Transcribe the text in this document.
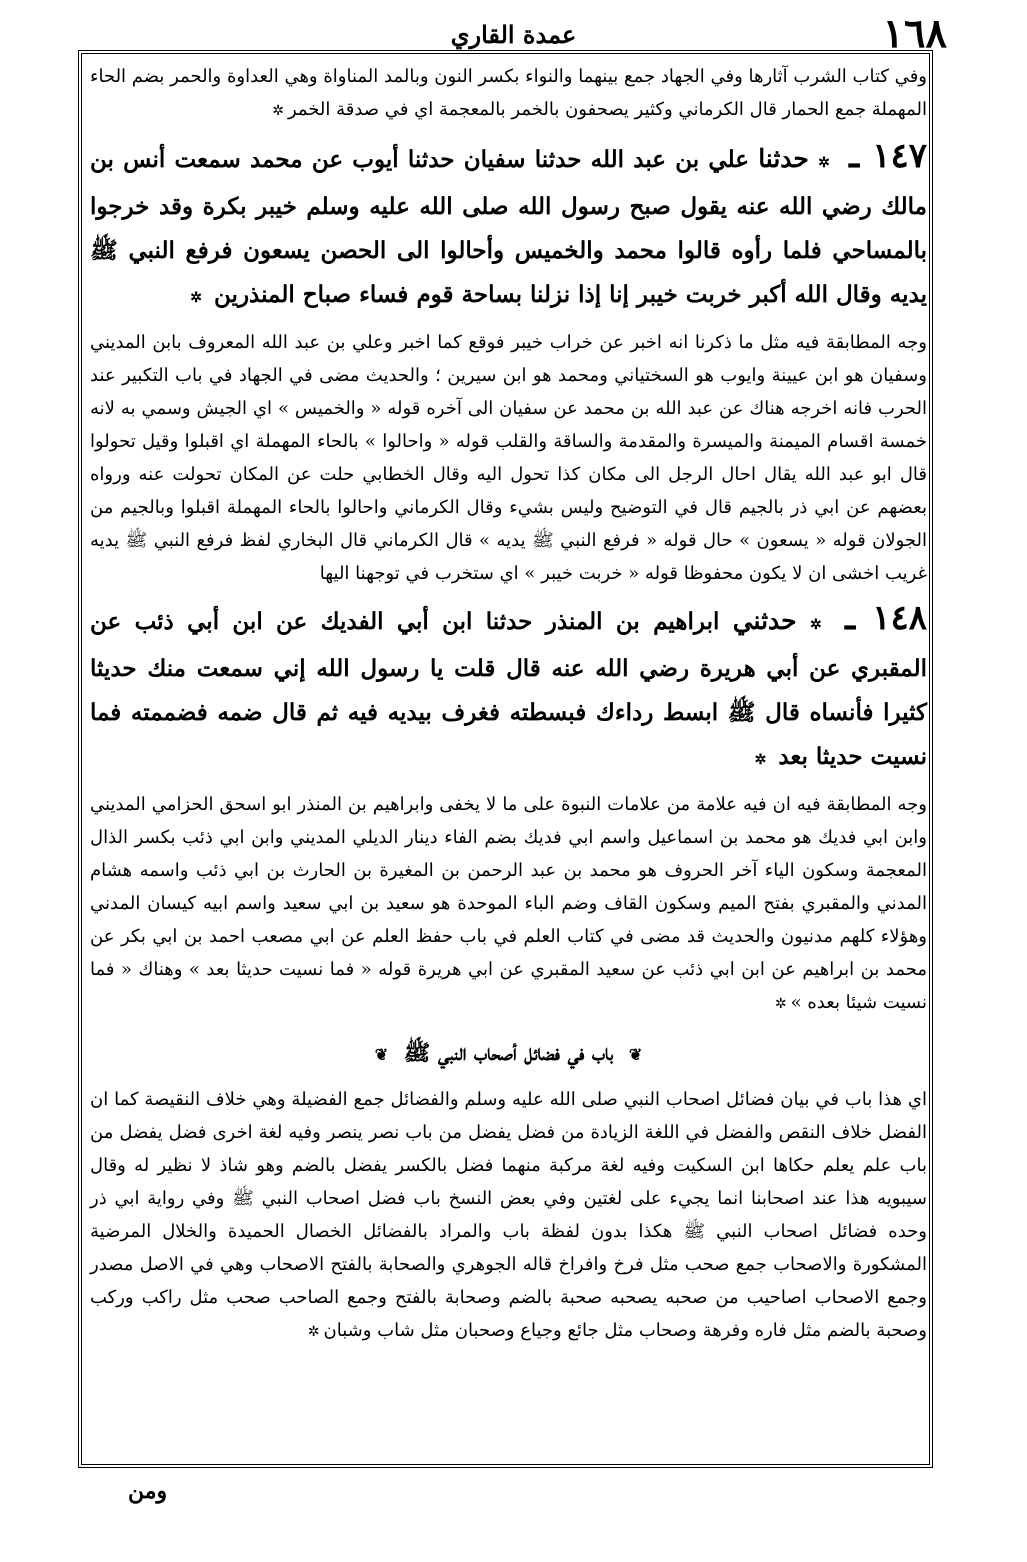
١٦٨
عمدة القاري

وفي كتاب الشرب آثارها وفي الجهاد جمع بينهما والنواء بكسر النون وبالمد المناواة وهي العداوة والحمر بضم الحاء المهملة جمع الحمار قال الكرماني وكثير يصحفون بالخمر بالمعجمة اي في صدقة الخمر✲

١٤٧ ـ ✲ حدثنا علي بن عبد الله حدثنا سفيان حدثنا أيوب عن محمد سمعت أنس بن مالك رضي الله عنه يقول صبح رسول الله صلى الله عليه وسلم خيبر بكرة وقد خرجوا بالمساحي فلما رأوه قالوا محمد والخميس وأحالوا الى الحصن يسعون فرفع النبي ﷺ يديه وقال الله أكبر خربت خيبر إنا إذا نزلنا بساحة قوم فساء صباح المنذرين ✲

وجه المطابقة فيه مثل ما ذكرنا انه اخبر عن خراب خيبر فوقع كما اخبر وعلي بن عبد الله المعروف بابن المديني وسفيان هو ابن عيينة وايوب هو السختياني ومحمد هو ابن سيرين ؛ والحديث مضى في الجهاد في باب التكبير عند الحرب فانه اخرجه هناك عن عبد الله بن محمد عن سفيان الى آخره قوله « والخميس » اي الجيش وسمي به لانه خمسة اقسام الميمنة والميسرة والمقدمة والساقة والقلب قوله « واحالوا » بالحاء المهملة اي اقبلوا وقيل تحولوا قال ابو عبد الله يقال احال الرجل الى مكان كذا تحول اليه وقال الخطابي حلت عن المكان تحولت عنه ورواه بعضهم عن ابي ذر بالجيم قال في التوضيح وليس بشيء وقال الكرماني واحالوا بالحاء المهملة اقبلوا وبالجيم من الجولان قوله « يسعون » حال قوله « فرفع النبي ﷺ يديه » قال الكرماني قال البخاري لفظ فرفع النبي ﷺ يديه غريب اخشى ان لا يكون محفوظا قوله « خربت خيبر » اي ستخرب في توجهنا اليها

١٤٨ ـ ✲ حدثني ابراهيم بن المنذر حدثنا ابن أبي الفديك عن ابن أبي ذئب عن المقبري عن أبي هريرة رضي الله عنه قال قلت يا رسول الله إني سمعت منك حديثا كثيرا فأنساه قال ﷺ ابسط رداءك فبسطته فغرف بيديه فيه ثم قال ضمه فضممته فما نسيت حديثا بعد ✲

وجه المطابقة فيه ان فيه علامة من علامات النبوة على ما لا يخفى وابراهيم بن المنذر ابو اسحق الحزامي المديني وابن ابي فديك هو محمد بن اسماعيل واسم ابي فديك بضم الفاء دينار الديلي المديني وابن ابي ذئب بكسر الذال المعجمة وسكون الياء آخر الحروف هو محمد بن عبد الرحمن بن المغيرة بن الحارث بن ابي ذئب واسمه هشام المدني والمقبري بفتح الميم وسكون القاف وضم الباء الموحدة هو سعيد بن ابي سعيد واسم ابيه كيسان المدني وهؤلاء كلهم مدنيون والحديث قد مضى في كتاب العلم في باب حفظ العلم عن ابي مصعب احمد بن ابي بكر عن محمد بن ابراهيم عن ابن ابي ذئب عن سعيد المقبري عن ابي هريرة قوله « فما نسيت حديثا بعد » وهناك « فما نسيت شيئا بعده »✲

❦ باب في فضائل أصحاب النبي ﷺ ❦

اي هذا باب في بيان فضائل اصحاب النبي صلى الله عليه وسلم والفضائل جمع الفضيلة وهي خلاف النقيصة كما ان الفضل خلاف النقص والفضل في اللغة الزيادة من فضل يفضل من باب نصر ينصر وفيه لغة اخرى فضل يفضل من باب علم يعلم حكاها ابن السكيت وفيه لغة مركبة منهما فضل بالكسر يفضل بالضم وهو شاذ لا نظير له وقال سيبويه هذا عند اصحابنا انما يجيء على لغتين وفي بعض النسخ باب فضل اصحاب النبي ﷺ وفي رواية ابي ذر وحده فضائل اصحاب النبي ﷺ هكذا بدون لفظة باب والمراد بالفضائل الخصال الحميدة والخلال المرضية المشكورة والاصحاب جمع صحب مثل فرخ وافراخ قاله الجوهري والصحابة بالفتح الاصحاب وهي في الاصل مصدر وجمع الاصحاب اصاحيب من صحبه يصحبه صحبة بالضم وصحابة بالفتح وجمع الصاحب صحب مثل راكب وركب وصحبة بالضم مثل فاره وفرهة وصحاب مثل جائع وجياع وصحبان مثل شاب وشبان✲

ومن
